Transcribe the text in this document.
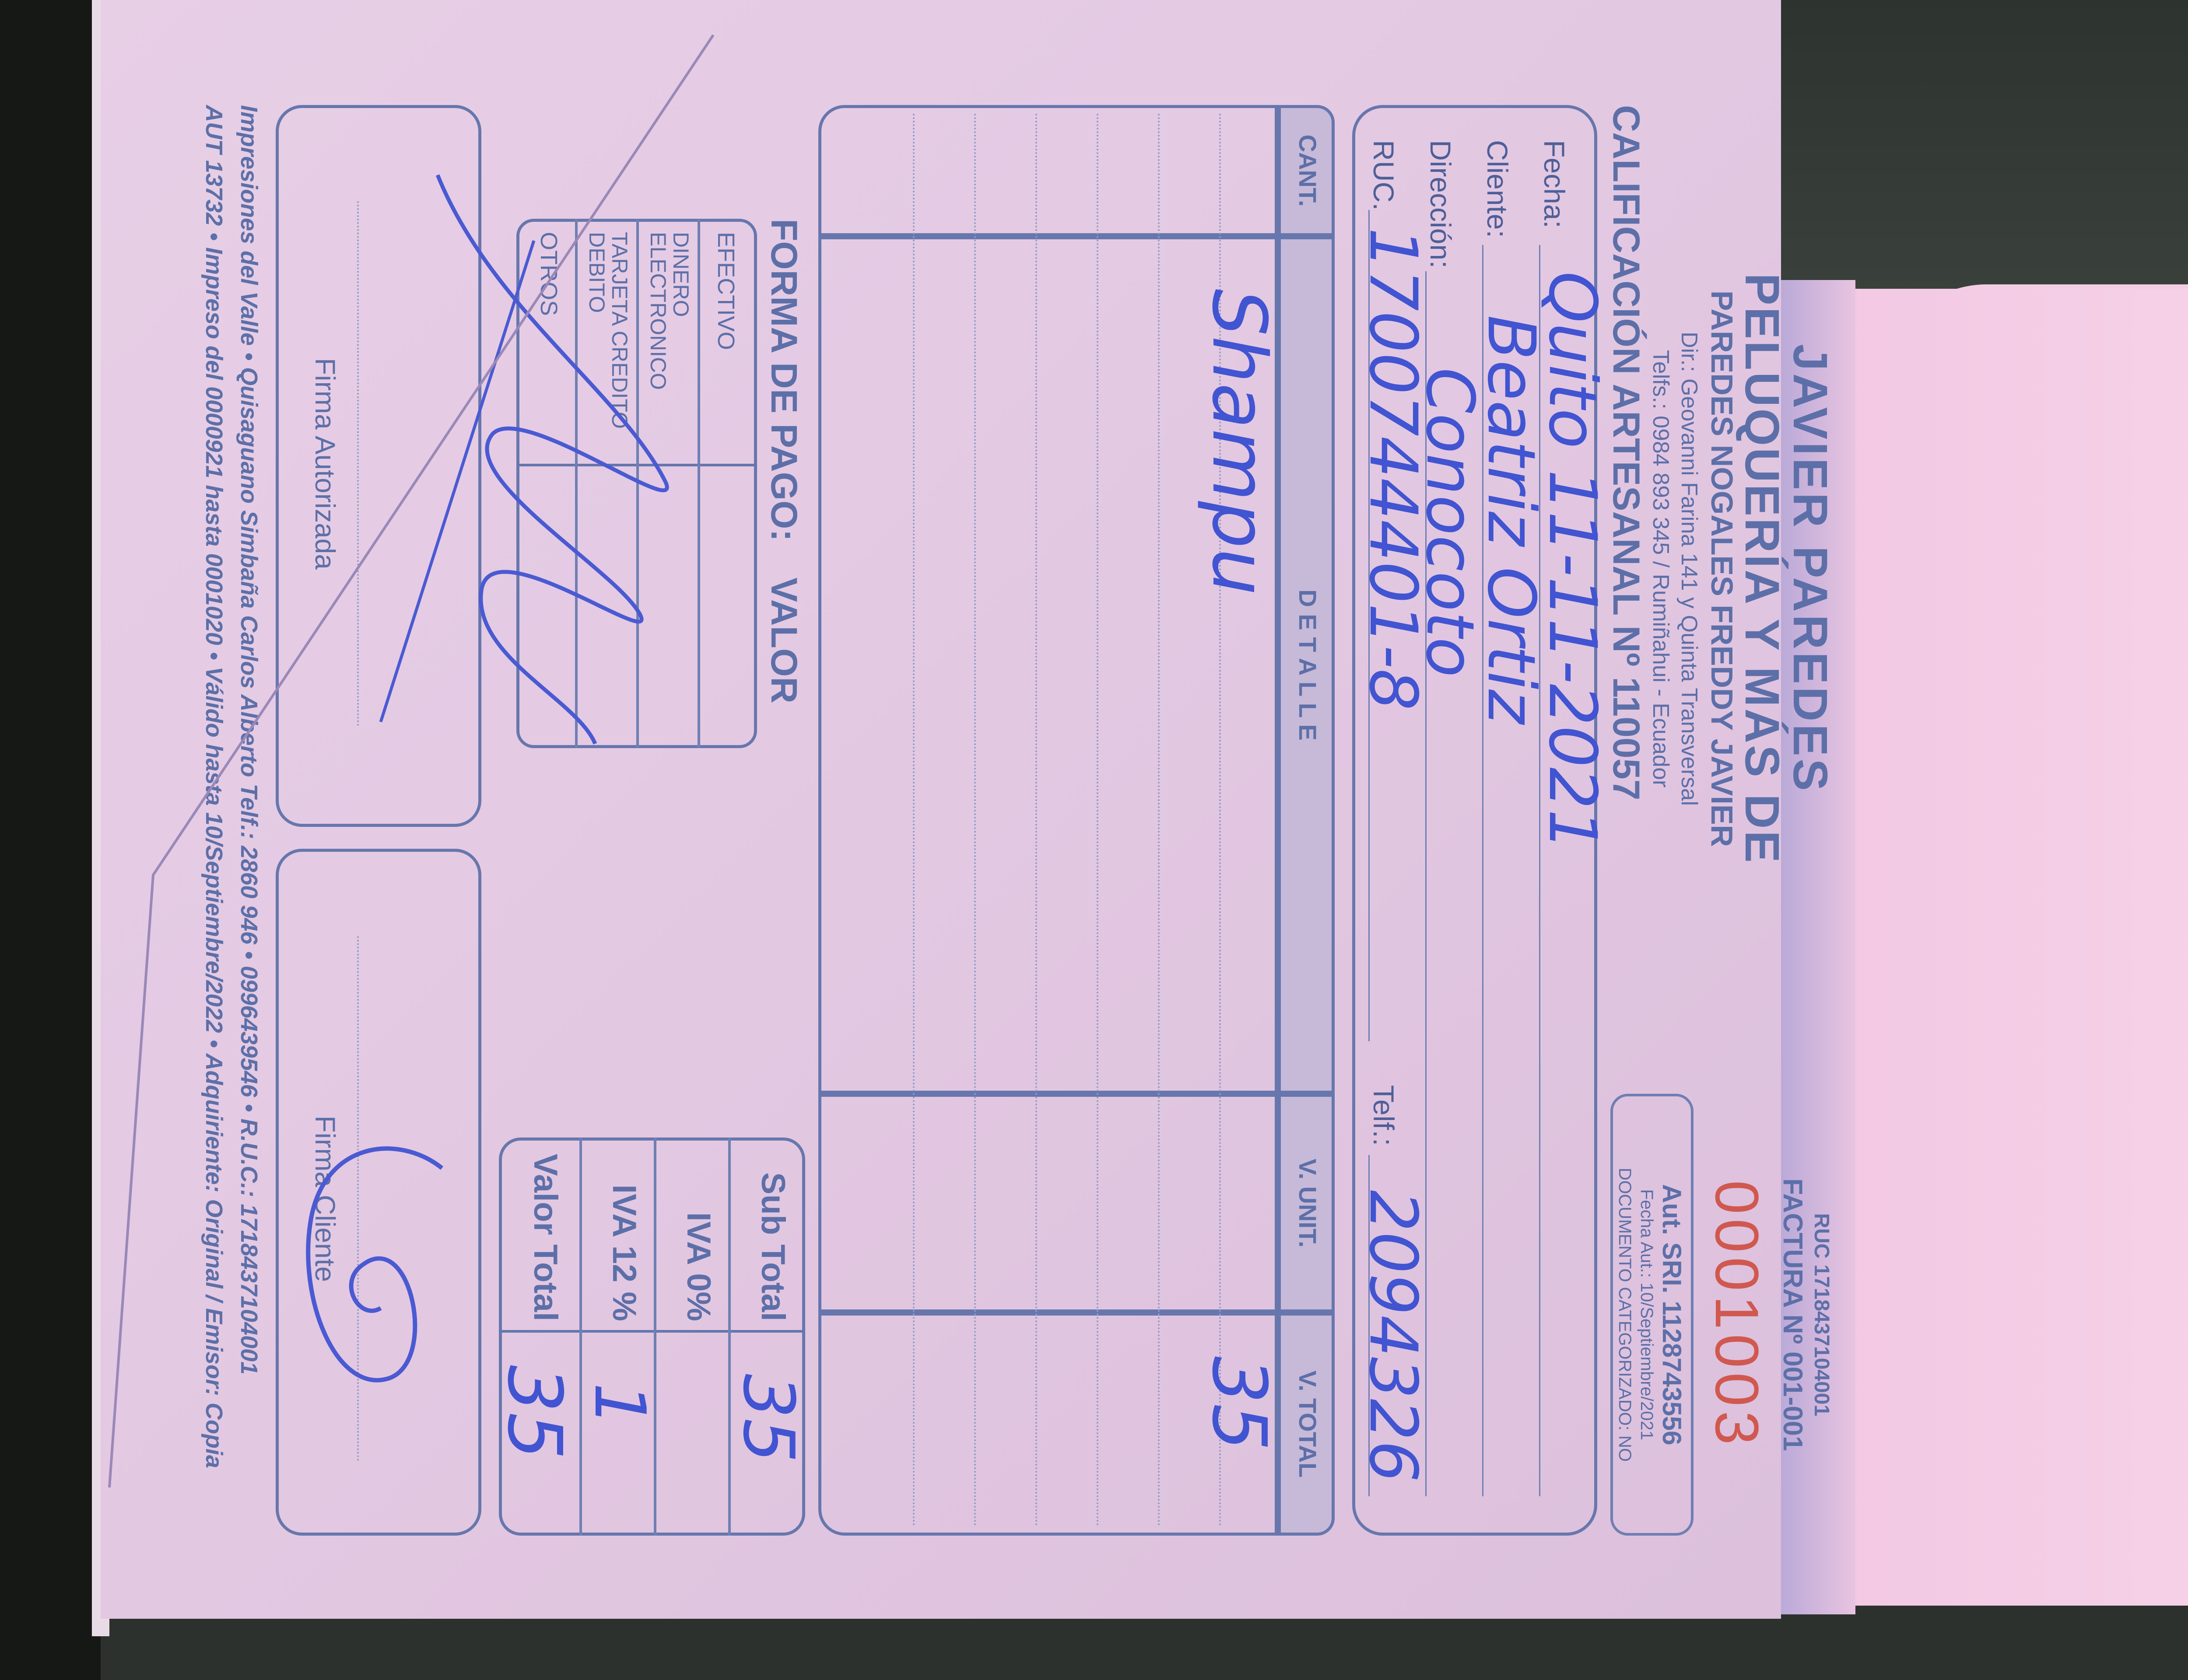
JAVIER PAREDES
PELUQUERÍA Y MÁS DE
PAREDES NOGALES FREDDY JAVIER
Dir.: Geovanni Farina 141 y Quinta Transversal
Telfs.: 0984 893 345 / Rumiñahui - Ecuador
CALIFICACIÓN ARTESANAL Nº 110057
RUC 1718437104001
FACTURA Nº 001-001
0001003
Aut. SRI. 1128743556
Fecha Aut.: 10/Septiembre/2021
DOCUMENTO CATEGORIZADO: NO
Fecha:
Quito 11-11-2021
Cliente:
Beatriz Ortiz
Dirección:
Conocoto
RUC.
1700744401-8
Telf.:
2094326
CANT.
D E T A L L E
V. UNIT.
V. TOTAL
Shampu
35
FORMA DE PAGO:
VALOR
EFECTIVO
DINERO ELECTRONICO
TARJETA CREDITO DEBITO
OTROS
Sub Total
IVA 0%
IVA 12 %
Valor Total
35
1
35
Firma Autorizada
Firma Cliente
Impresiones del Valle • Quisaguano Simbaña Carlos Alberto Telf.: 2860 946 • 0996439546 • R.U.C.: 1718437104001
AUT 13732 • Impreso del 0000921 hasta 0001020 • Válido hasta 10/Septiembre/2022 • Adquiriente: Original / Emisor: Copia
